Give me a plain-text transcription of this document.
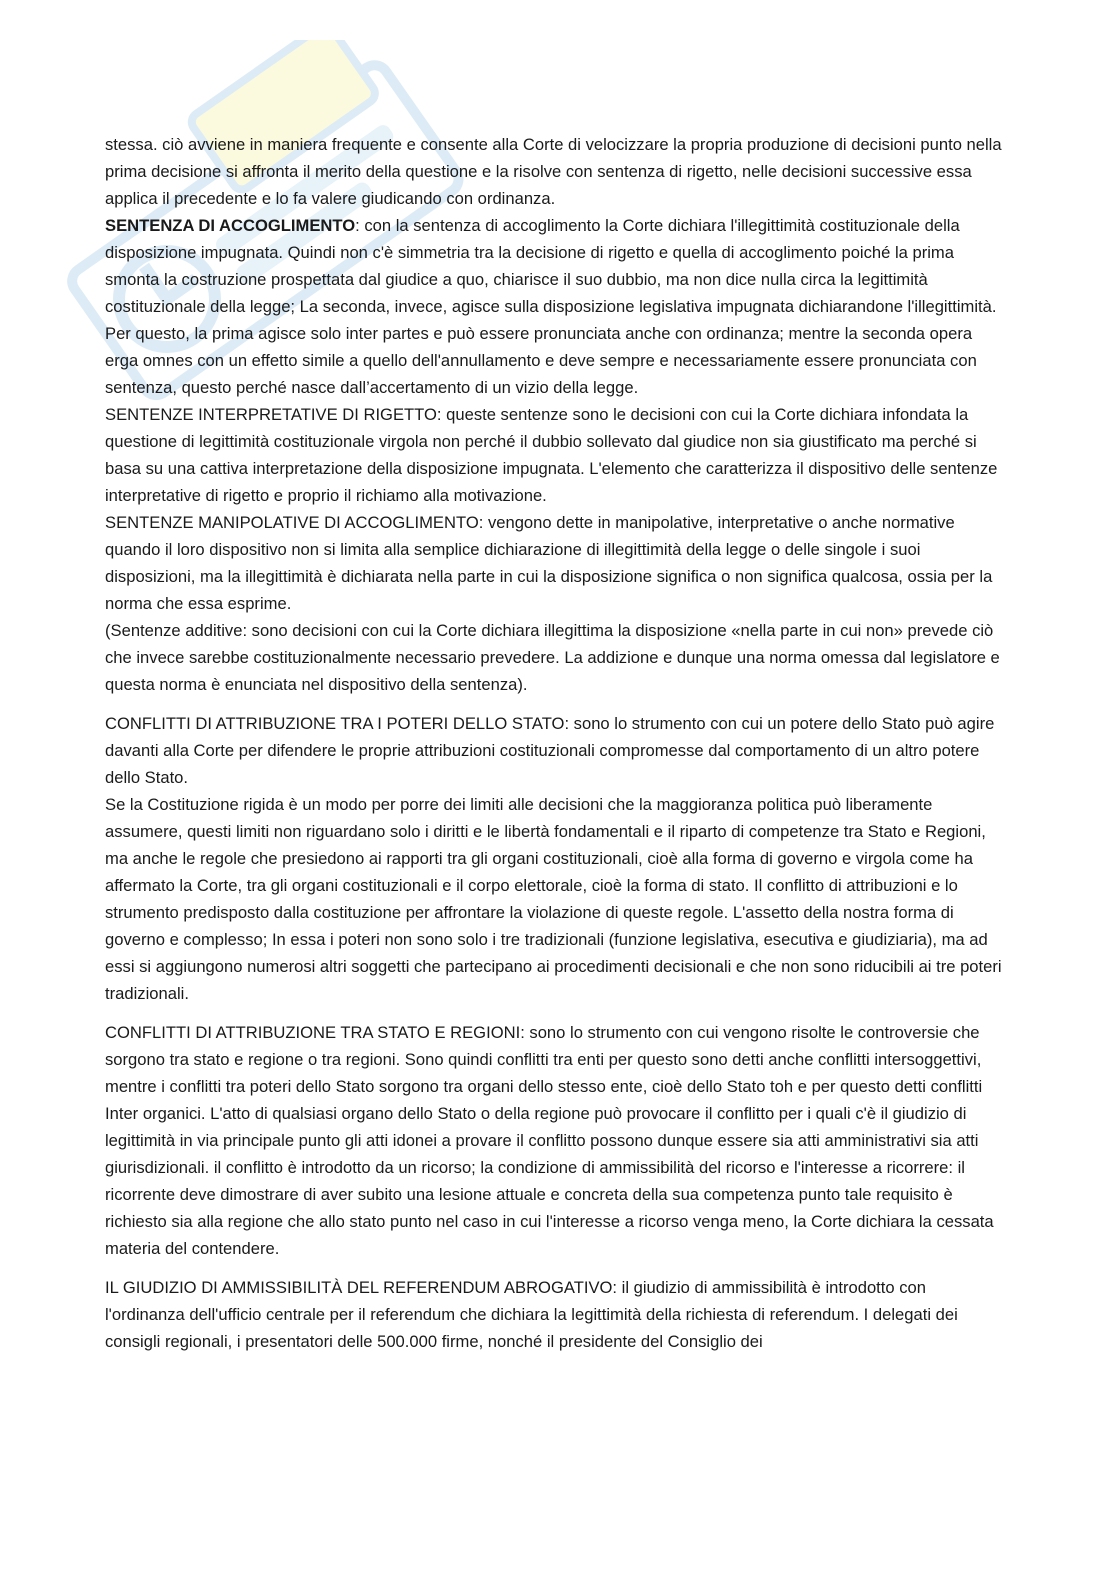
stessa. ciò avviene in maniera frequente e consente alla Corte di velocizzare la propria produzione di decisioni punto nella prima decisione si affronta il merito della questione e la risolve con sentenza di rigetto, nelle decisioni successive essa applica il precedente e lo fa valere giudicando con ordinanza.

SENTENZA DI ACCOGLIMENTO: con la sentenza di accoglimento la Corte dichiara l'illegittimità costituzionale della disposizione impugnata. Quindi non c'è simmetria tra la decisione di rigetto e quella di accoglimento poiché la prima smonta la costruzione prospettata dal giudice a quo, chiarisce il suo dubbio, ma non dice nulla circa la legittimità costituzionale della legge; La seconda, invece, agisce sulla disposizione legislativa impugnata dichiarandone l'illegittimità. Per questo, la prima agisce solo inter partes e può essere pronunciata anche con ordinanza; mentre la seconda opera erga omnes con un effetto simile a quello dell'annullamento e deve sempre e necessariamente essere pronunciata con sentenza, questo perché nasce dall’accertamento di un vizio della legge.

SENTENZE INTERPRETATIVE DI RIGETTO: queste sentenze sono le decisioni con cui la Corte dichiara infondata la questione di legittimità costituzionale virgola non perché il dubbio sollevato dal giudice non sia giustificato ma perché si basa su una cattiva interpretazione della disposizione impugnata. L'elemento che caratterizza il dispositivo delle sentenze interpretative di rigetto e proprio il richiamo alla motivazione.

SENTENZE MANIPOLATIVE DI ACCOGLIMENTO: vengono dette in manipolative, interpretative o anche normative quando il loro dispositivo non si limita alla semplice dichiarazione di illegittimità della legge o delle singole i suoi disposizioni, ma la illegittimità è dichiarata nella parte in cui la disposizione significa o non significa qualcosa, ossia per la norma che essa esprime.

(Sentenze additive: sono decisioni con cui la Corte dichiara illegittima la disposizione «nella parte in cui non» prevede ciò che invece sarebbe costituzionalmente necessario prevedere. La addizione e dunque una norma omessa dal legislatore e questa norma è enunciata nel dispositivo della sentenza).

CONFLITTI DI ATTRIBUZIONE TRA I POTERI DELLO STATO: sono lo strumento con cui un potere dello Stato può agire davanti alla Corte per difendere le proprie attribuzioni costituzionali compromesse dal comportamento di un altro potere dello Stato.

Se la Costituzione rigida è un modo per porre dei limiti alle decisioni che la maggioranza politica può liberamente assumere, questi limiti non riguardano solo i diritti e le libertà fondamentali e il riparto di competenze tra Stato e Regioni, ma anche le regole che presiedono ai rapporti tra gli organi costituzionali, cioè alla forma di governo e virgola come ha affermato la Corte, tra gli organi costituzionali e il corpo elettorale, cioè la forma di stato. Il conflitto di attribuzioni e lo strumento predisposto dalla costituzione per affrontare la violazione di queste regole. L'assetto della nostra forma di governo e complesso; In essa i poteri non sono solo i tre tradizionali (funzione legislativa, esecutiva e giudiziaria), ma ad essi si aggiungono numerosi altri soggetti che partecipano ai procedimenti decisionali e che non sono riducibili ai tre poteri tradizionali.

CONFLITTI DI ATTRIBUZIONE TRA STATO E REGIONI: sono lo strumento con cui vengono risolte le controversie che sorgono tra stato e regione o tra regioni. Sono quindi conflitti tra enti per questo sono detti anche conflitti intersoggettivi, mentre i conflitti tra poteri dello Stato sorgono tra organi dello stesso ente, cioè dello Stato toh e per questo detti conflitti Inter organici. L'atto di qualsiasi organo dello Stato o della regione può provocare il conflitto per i quali c'è il giudizio di legittimità in via principale punto gli atti idonei a provare il conflitto possono dunque essere sia atti amministrativi sia atti giurisdizionali. il conflitto è introdotto da un ricorso; la condizione di ammissibilità del ricorso e l'interesse a ricorrere: il ricorrente deve dimostrare di aver subito una lesione attuale e concreta della sua competenza punto tale requisito è richiesto sia alla regione che allo stato punto nel caso in cui l'interesse a ricorso venga meno, la Corte dichiara la cessata materia del contendere.

IL GIUDIZIO DI AMMISSIBILITÀ DEL REFERENDUM ABROGATIVO: il giudizio di ammissibilità è introdotto con l'ordinanza dell'ufficio centrale per il referendum che dichiara la legittimità della richiesta di referendum. I delegati dei consigli regionali, i presentatori delle 500.000 firme, nonché il presidente del Consiglio dei
